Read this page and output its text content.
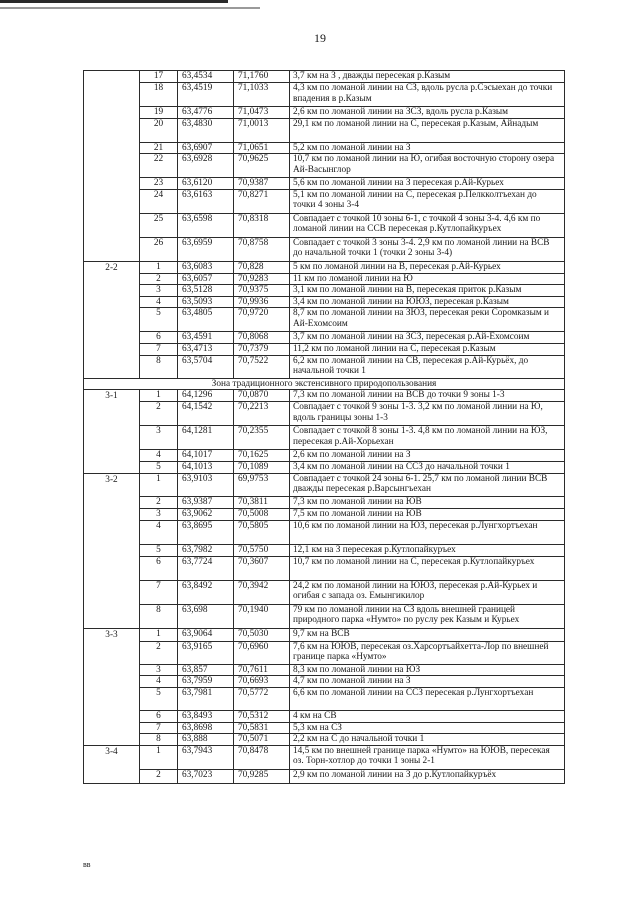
19
	17	63,4534	71,1760	3,7 км на З , дважды пересекая р.Казым
	18	63,4519	71,1033	4,3 км по ломаной линии на СЗ, вдоль русла р.Сэсыехан до точки впадения в р.Казым
	19	63,4776	71,0473	2,6 км по ломаной линии на ЗСЗ, вдоль русла р.Казым
	20	63,4830	71,0013	29,1 км по ломаной линии на С, пересекая р.Казым, Айнадым
	21	63,6907	71,0651	5,2 км по ломаной линии на З
	22	63,6928	70,9625	10,7 км по ломаной линии на Ю, огибая восточную сторону озера Ай-Васынглор
	23	63,6120	70,9387	5,6 км по ломаной линии на З пересекая р.Ай-Курьех
	24	63,6163	70,8271	5,1 км по ломаной линии на С, пересекая р.Пелкколтъехан до точки 4 зоны 3-4
	25	63,6598	70,8318	Совпадает с точкой 10 зоны 6-1, с точкой 4 зоны 3-4. 4,6 км по ломаной линии на ССВ пересекая р.Кутлопайкуръех
	26	63,6959	70,8758	Совпадает с точкой 3 зоны 3-4. 2,9 км по ломаной линии на ВСВ до начальной точки 1 (точки 2 зоны 3-4)
2-2	1	63,6083	70,828	5 км по ломаной линии на В, пересекая р.Ай-Курьех
	2	63,6057	70,9283	11 км по ломаной линии на Ю
	3	63,5128	70,9375	3,1 км по ломаной линии на В, пересекая приток р.Казым
	4	63,5093	70,9936	3,4 км по ломаной линии на ЮЮЗ, пересекая р.Казым
	5	63,4805	70,9720	8,7 км по ломаной линии на ЗЮЗ, пересекая реки Соромказым и Ай-Ехомсоим
	6	63,4591	70,8068	3,7 км по ломаной линии на ЗСЗ, пересекая р.Ай-Ехомсоим
	7	63,4713	70,7379	11,2 км по ломаной линии на С, пересекая р.Казым
	8	63,5704	70,7522	6,2 км по ломаной линии на СВ, пересекая р.Ай-Курьёх, до начальной точки 1
Зона традиционного экстенсивного природопользования				
3-1	1	64,1296	70,0870	7,3 км по ломаной линии на ВСВ до точки 9 зоны 1-3
	2	64,1542	70,2213	Совпадает с точкой 9 зоны 1-3. 3,2 км по ломаной линии на Ю, вдоль границы зоны 1-3
	3	64,1281	70,2355	Совпадает с точкой 8 зоны 1-3. 4,8 км по ломаной линии на ЮЗ, пересекая р.Ай-Хорьехан
	4	64,1017	70,1625	2,6 км по ломаной линии на З
	5	64,1013	70,1089	3,4 км по ломаной линии на ССЗ до начальной точки 1
3-2	1	63,9103	69,9753	Совпадает с точкой 24 зоны 6-1. 25,7 км по ломаной линии ВСВ дважды пересекая р.Варсынгъехан
	2	63,9387	70,3811	7,3 км по ломаной линии на ЮВ
	3	63,9062	70,5008	7,5 км по ломаной линии на ЮВ
	4	63,8695	70,5805	10,6 км по ломаной линии на ЮЗ, пересекая р.Лунгхортъехан
	5	63,7982	70,5750	12,1 км на З пересекая р.Кутлопайкуръех
	6	63,7724	70,3607	10,7 км по ломаной линии на С, пересекая р.Кутлопайкуръех
	7	63,8492	70,3942	24,2 км по ломаной линии на ЮЮЗ, пересекая р.Ай-Курьех и огибая с запада оз. Емынгикилор
	8	63,698	70,1940	79 км по ломаной линии на СЗ вдоль внешней границей природного парка «Нумто» по руслу рек Казым и Курьех
3-3	1	63,9064	70,5030	9,7 км на ВСВ
	2	63,9165	70,6960	7,6 км на ЮЮВ, пересекая оз.Харсортъайхетта-Лор по внешней границе парка «Нумто»
	3	63,857	70,7611	8,3 км по ломаной линии на ЮЗ
	4	63,7959	70,6693	4,7 км по ломаной линии на З
	5	63,7981	70,5772	6,6 км по ломаной линии на ССЗ пересекая р.Лунгхортъехан
	6	63,8493	70,5312	4 км на СВ
	7	63,8698	70,5831	5,3 км на СЗ
	8	63,888	70,5071	2,2 км на С до начальной точки 1
3-4	1	63,7943	70,8478	14,5 км по внешней границе парка «Нумто» на ЮЮВ, пересекая оз. Торн-хотлор до точки 1 зоны 2-1
	2	63,7023	70,9285	2,9 км по ломаной линии на З до р.Кутлопайкуръёх
вв
